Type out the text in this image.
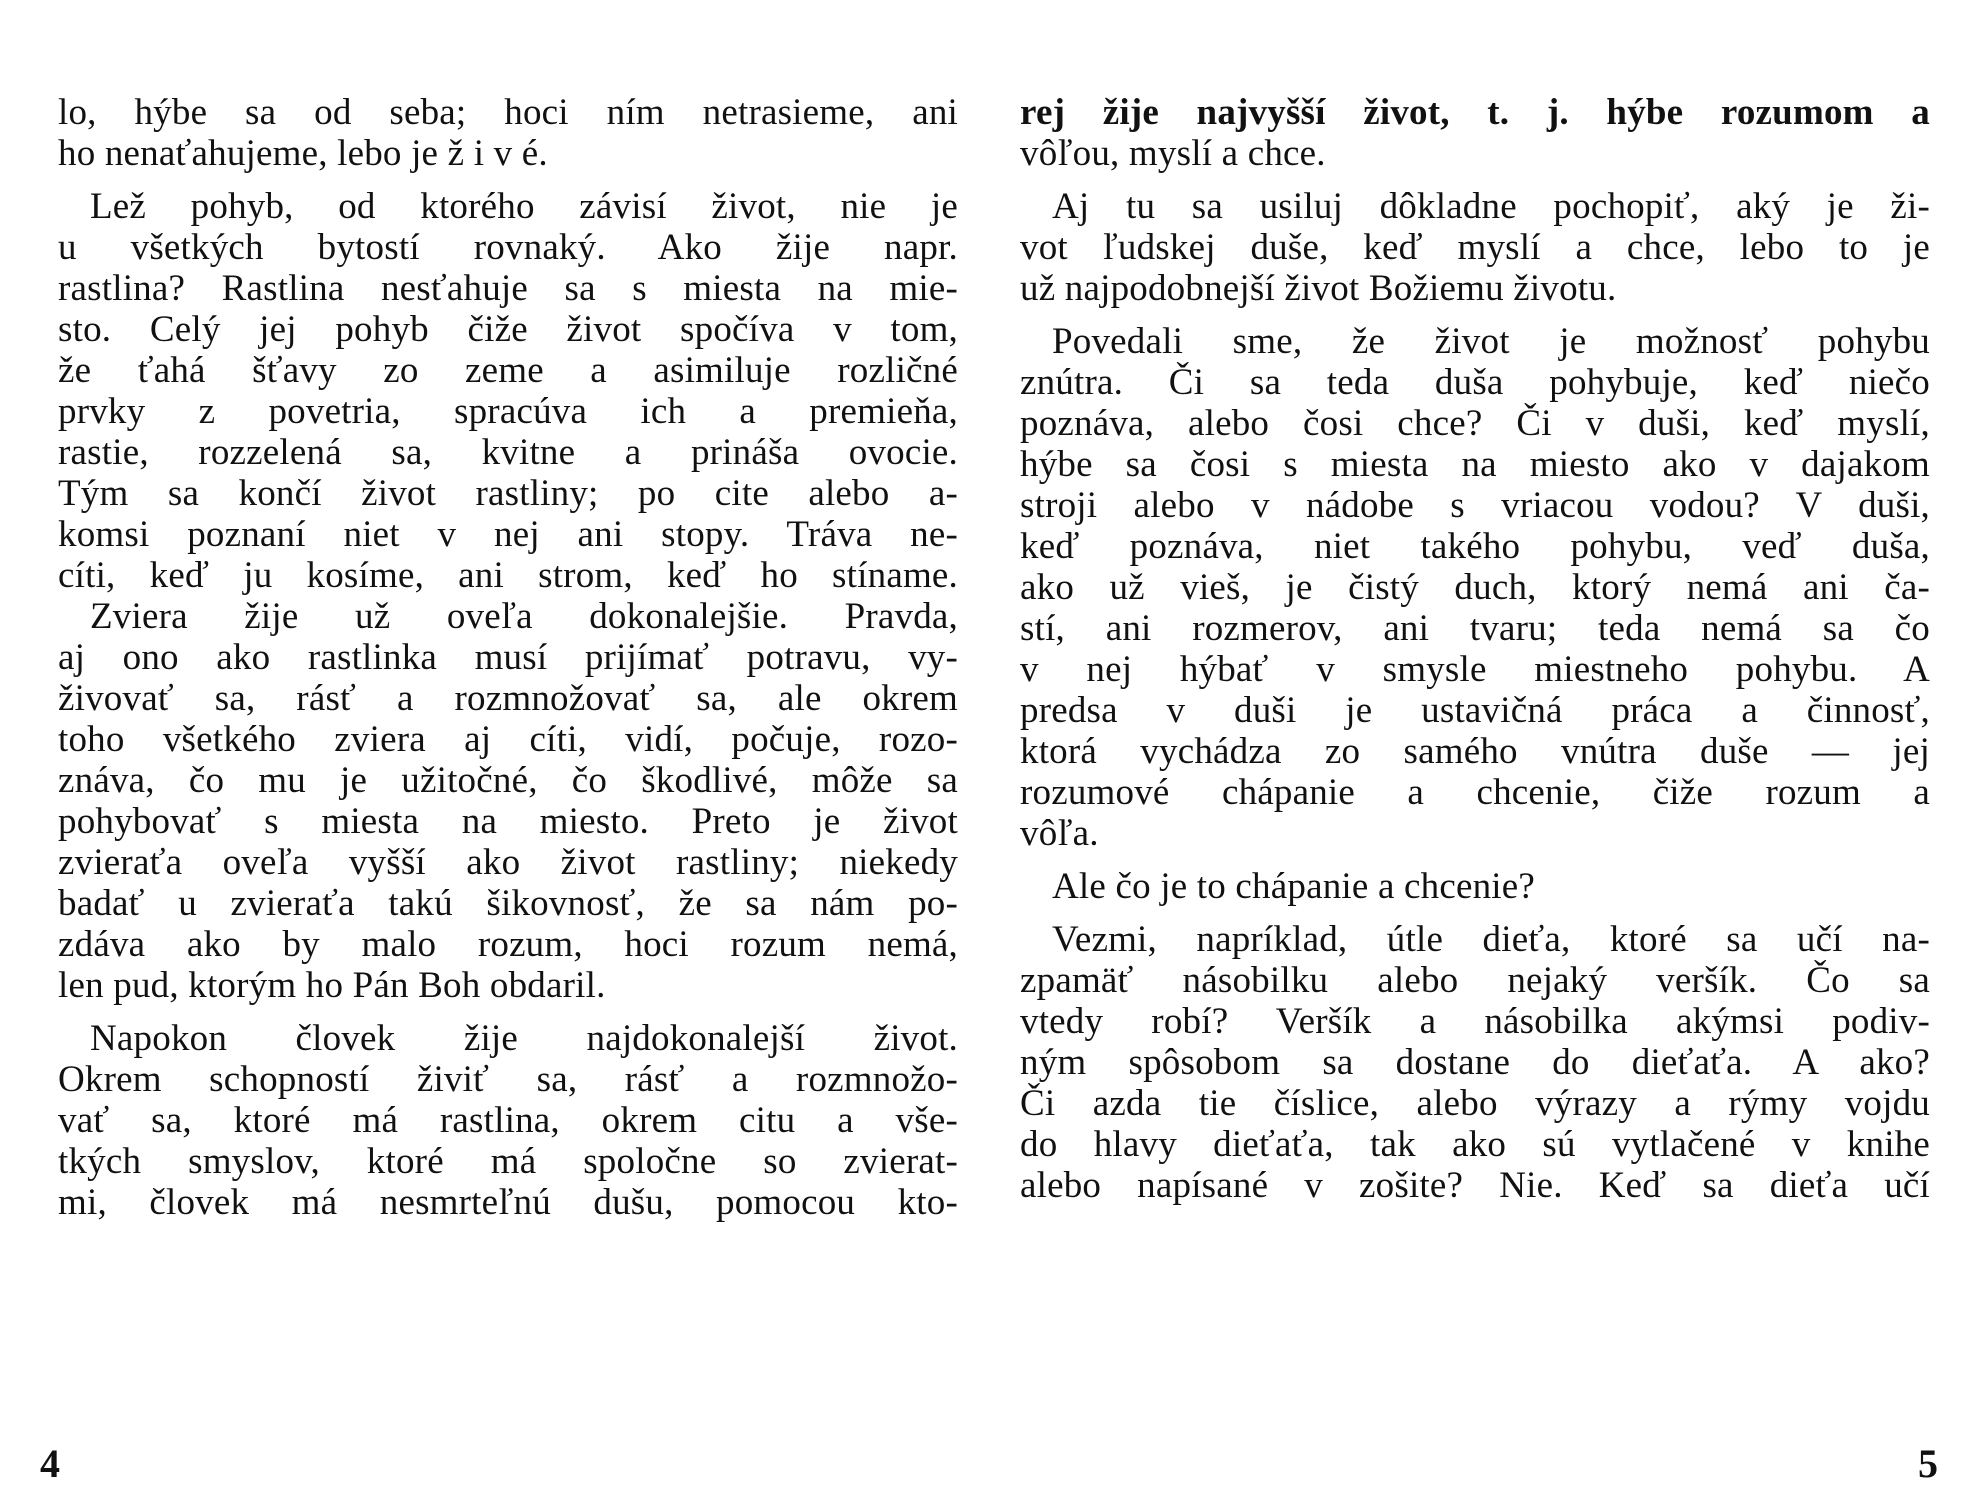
lo, hýbe sa od seba; hoci ním netrasieme, ani
ho nenaťahujeme, lebo je ž i v é.
Lež pohyb, od ktorého závisí život, nie je
u všetkých bytostí rovnaký. Ako žije napr.
rastlina? Rastlina nesťahuje sa s miesta na mie-
sto. Celý jej pohyb čiže život spočíva v tom,
že ťahá šťavy zo zeme a asimiluje rozličné
prvky z povetria, spracúva ich a premieňa,
rastie, rozzelená sa, kvitne a prináša ovocie.
Tým sa končí život rastliny; po cite alebo a-
komsi poznaní niet v nej ani stopy. Tráva ne-
cíti, keď ju kosíme, ani strom, keď ho stíname.
Zviera žije už oveľa dokonalejšie. Pravda,
aj ono ako rastlinka musí prijímať potravu, vy-
živovať sa, rásť a rozmnožovať sa, ale okrem
toho všetkého zviera aj cíti, vidí, počuje, rozo-
znáva, čo mu je užitočné, čo škodlivé, môže sa
pohybovať s miesta na miesto. Preto je život
zvieraťa oveľa vyšší ako život rastliny; niekedy
badať u zvieraťa takú šikovnosť, že sa nám po-
zdáva ako by malo rozum, hoci rozum nemá,
len pud, ktorým ho Pán Boh obdaril.
Napokon človek žije najdokonalejší život.
Okrem schopností živiť sa, rásť a rozmnožo-
vať sa, ktoré má rastlina, okrem citu a vše-
tkých smyslov, ktoré má spoločne so zvierat-
mi, človek má nesmrteľnú dušu, pomocou kto-
rej žije najvyšší život, t. j. hýbe rozumom a
vôľou, myslí a chce.
Aj tu sa usiluj dôkladne pochopiť, aký je ži-
vot ľudskej duše, keď myslí a chce, lebo to je
už najpodobnejší život Božiemu životu.
Povedali sme, že život je možnosť pohybu
znútra. Či sa teda duša pohybuje, keď niečo
poznáva, alebo čosi chce? Či v duši, keď myslí,
hýbe sa čosi s miesta na miesto ako v dajakom
stroji alebo v nádobe s vriacou vodou? V duši,
keď poznáva, niet takého pohybu, veď duša,
ako už vieš, je čistý duch, ktorý nemá ani ča-
stí, ani rozmerov, ani tvaru; teda nemá sa čo
v nej hýbať v smysle miestneho pohybu. A
predsa v duši je ustavičná práca a činnosť,
ktorá vychádza zo samého vnútra duše — jej
rozumové chápanie a chcenie, čiže rozum a
vôľa.
Ale čo je to chápanie a chcenie?
Vezmi, napríklad, útle dieťa, ktoré sa učí na-
zpamäť násobilku alebo nejaký veršík. Čo sa
vtedy robí? Veršík a násobilka akýmsi podiv-
ným spôsobom sa dostane do dieťaťa. A ako?
Či azda tie číslice, alebo výrazy a rýmy vojdu
do hlavy dieťaťa, tak ako sú vytlačené v knihe
alebo napísané v zošite? Nie. Keď sa dieťa učí
4	5
